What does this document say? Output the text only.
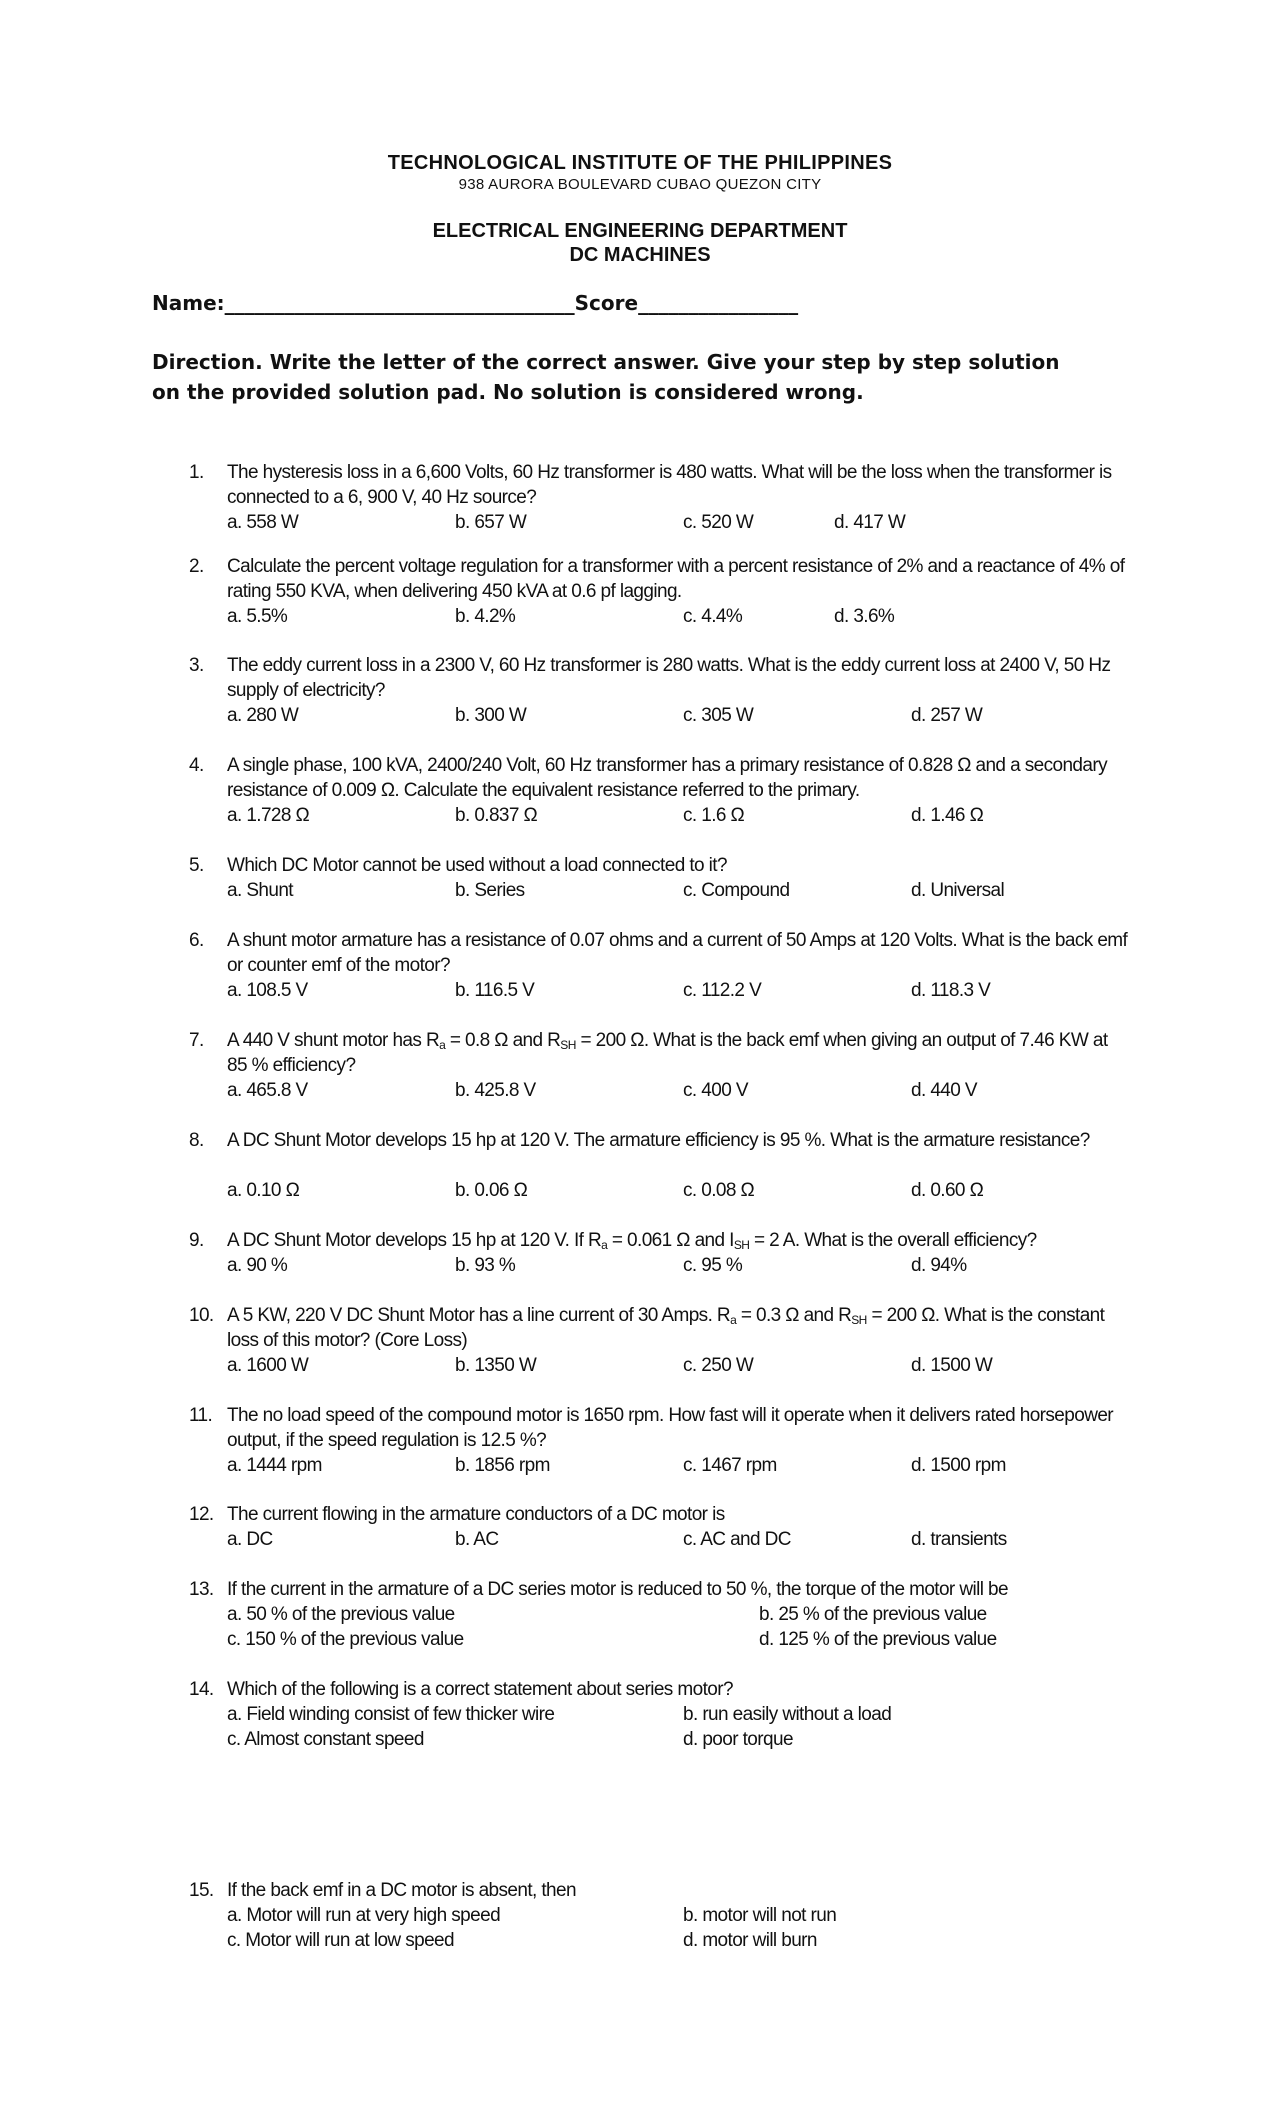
TECHNOLOGICAL INSTITUTE OF THE PHILIPPINES
938 AURORA BOULEVARD CUBAO QUEZON CITY
ELECTRICAL ENGINEERING DEPARTMENT
DC MACHINES
Name:___________________________________Score________________
Direction. Write the letter of the correct answer. Give your step by step solution on the provided solution pad. No solution is considered wrong.
1. The hysteresis loss in a 6,600 Volts, 60 Hz transformer is 480 watts. What will be the loss when the transformer is connected to a 6, 900 V, 40 Hz source?
a. 558 W	b. 657 W	c. 520 W	d. 417 W
2. Calculate the percent voltage regulation for a transformer with a percent resistance of 2% and a reactance of 4% of rating 550 KVA, when delivering 450 kVA at 0.6 pf lagging.
a. 5.5%	b. 4.2%	c. 4.4%	d. 3.6%
3. The eddy current loss in a 2300 V, 60 Hz transformer is 280 watts. What is the eddy current loss at 2400 V, 50 Hz supply of electricity?
a. 280 W	b. 300 W	c. 305 W	d. 257 W
4. A single phase, 100 kVA, 2400/240 Volt, 60 Hz transformer has a primary resistance of 0.828 Ω and a secondary resistance of 0.009 Ω. Calculate the equivalent resistance referred to the primary.
a. 1.728 Ω	b. 0.837 Ω	c. 1.6 Ω	d. 1.46 Ω
5. Which DC Motor cannot be used without a load connected to it?
a. Shunt	b. Series	c. Compound	d. Universal
6. A shunt motor armature has a resistance of 0.07 ohms and a current of 50 Amps at 120 Volts. What is the back emf or counter emf of the motor?
a. 108.5 V	b. 116.5 V	c. 112.2 V	d. 118.3 V
7. A 440 V shunt motor has $R_a = 0.8$ Ω and $R_{SH} = 200$ Ω. What is the back emf when giving an output of 7.46 KW at 85 % efficiency?
a. 465.8 V	b. 425.8 V	c. 400 V	d. 440 V
8. A DC Shunt Motor develops 15 hp at 120 V. The armature efficiency is 95 %. What is the armature resistance?
a. 0.10 Ω	b. 0.06 Ω	c. 0.08 Ω	d. 0.60 Ω
9. A DC Shunt Motor develops 15 hp at 120 V. If $R_a = 0.061$ Ω and $I_{SH} = 2$ A. What is the overall efficiency?
a. 90 %	b. 93 %	c. 95 %	d. 94%
10. A 5 KW, 220 V DC Shunt Motor has a line current of 30 Amps. $R_a = 0.3$ Ω and $R_{SH} = 200$ Ω. What is the constant loss of this motor? (Core Loss)
a. 1600 W	b. 1350 W	c. 250 W	d. 1500 W
11. The no load speed of the compound motor is 1650 rpm. How fast will it operate when it delivers rated horsepower output, if the speed regulation is 12.5 %?
a. 1444 rpm	b. 1856 rpm	c. 1467 rpm	d. 1500 rpm
12. The current flowing in the armature conductors of a DC motor is
a. DC	b. AC	c. AC and DC	d. transients
13. If the current in the armature of a DC series motor is reduced to 50 %, the torque of the motor will be
a. 50 % of the previous value	b. 25 % of the previous value
c. 150 % of the previous value	d. 125 % of the previous value
14. Which of the following is a correct statement about series motor?
a. Field winding consist of few thicker wire	b. run easily without a load
c. Almost constant speed	d. poor torque
15. If the back emf in a DC motor is absent, then
a. Motor will run at very high speed	b. motor will not run
c. Motor will run at low speed	d. motor will burn
